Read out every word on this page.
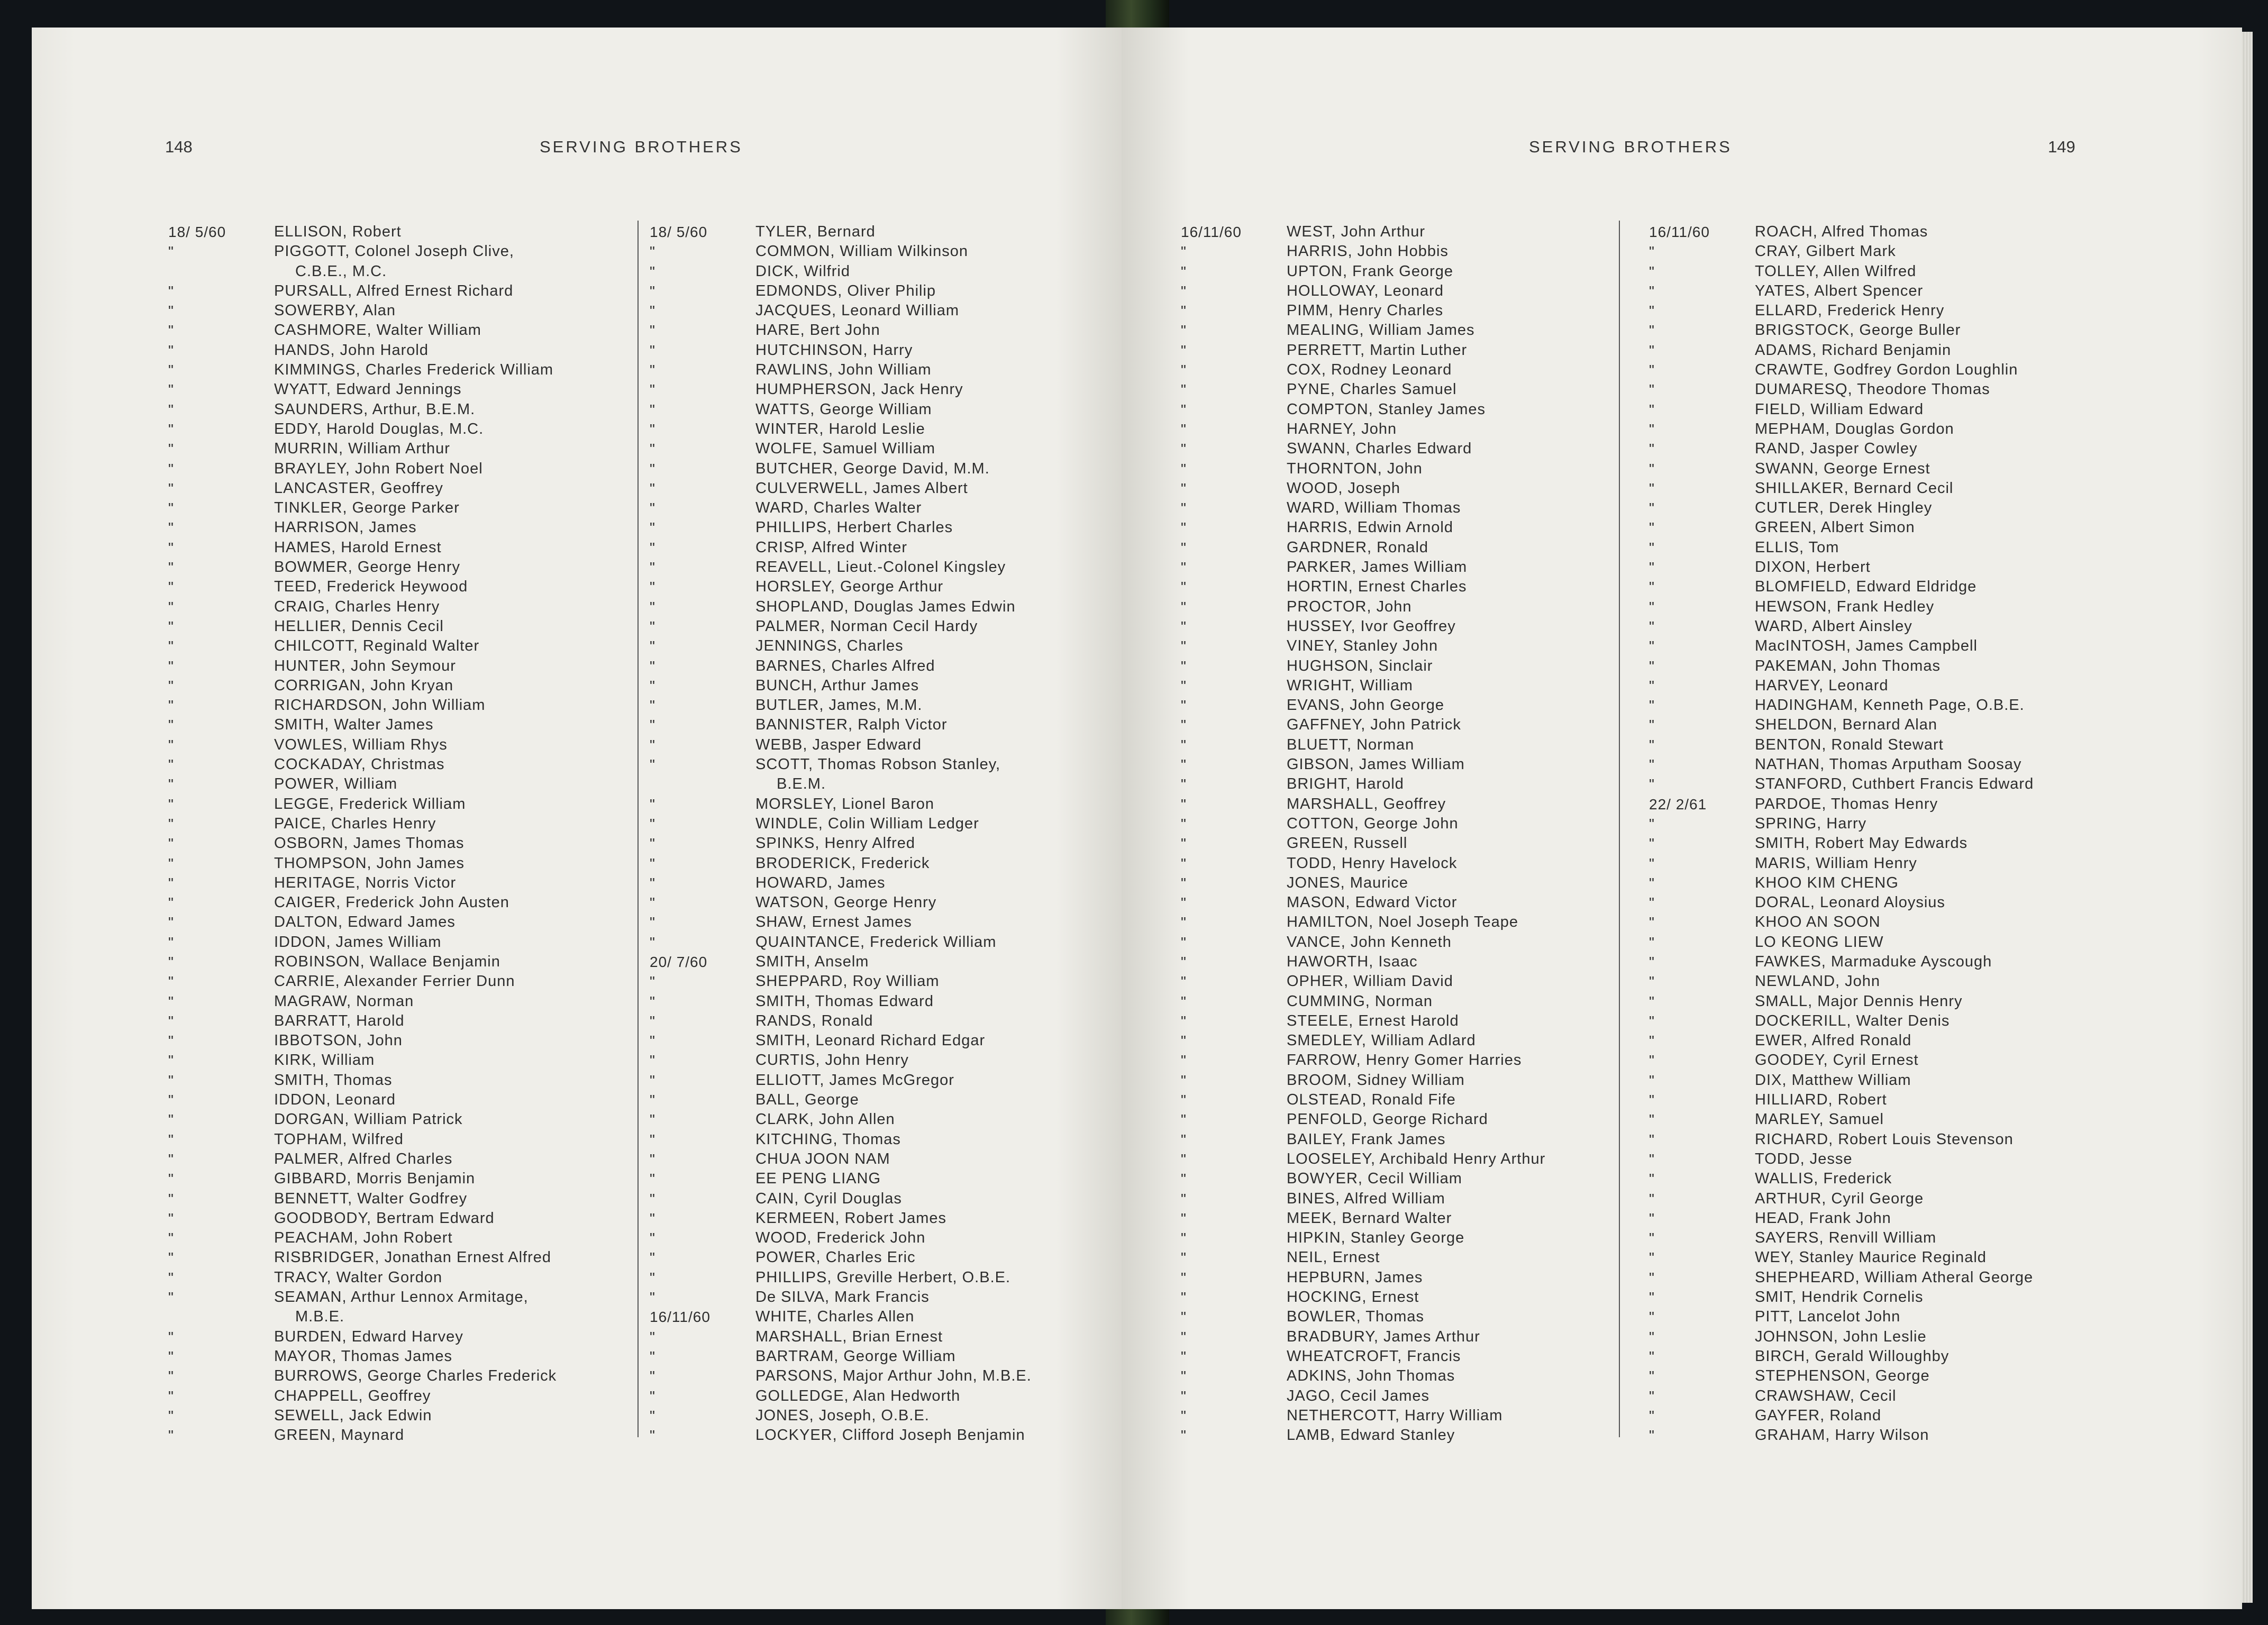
148	SERVING BROTHERS
18/ 5/60	ELLISON, Robert
"	PIGGOTT, Colonel Joseph Clive,
C.B.E., M.C.
"	PURSALL, Alfred Ernest Richard
"	SOWERBY, Alan
"	CASHMORE, Walter William
"	HANDS, John Harold
"	KIMMINGS, Charles Frederick William
"	WYATT, Edward Jennings
"	SAUNDERS, Arthur, B.E.M.
"	EDDY, Harold Douglas, M.C.
"	MURRIN, William Arthur
"	BRAYLEY, John Robert Noel
"	LANCASTER, Geoffrey
"	TINKLER, George Parker
"	HARRISON, James
"	HAMES, Harold Ernest
"	BOWMER, George Henry
"	TEED, Frederick Heywood
"	CRAIG, Charles Henry
"	HELLIER, Dennis Cecil
"	CHILCOTT, Reginald Walter
"	HUNTER, John Seymour
"	CORRIGAN, John Kryan
"	RICHARDSON, John William
"	SMITH, Walter James
"	VOWLES, William Rhys
"	COCKADAY, Christmas
"	POWER, William
"	LEGGE, Frederick William
"	PAICE, Charles Henry
"	OSBORN, James Thomas
"	THOMPSON, John James
"	HERITAGE, Norris Victor
"	CAIGER, Frederick John Austen
"	DALTON, Edward James
"	IDDON, James William
"	ROBINSON, Wallace Benjamin
"	CARRIE, Alexander Ferrier Dunn
"	MAGRAW, Norman
"	BARRATT, Harold
"	IBBOTSON, John
"	KIRK, William
"	SMITH, Thomas
"	IDDON, Leonard
"	DORGAN, William Patrick
"	TOPHAM, Wilfred
"	PALMER, Alfred Charles
"	GIBBARD, Morris Benjamin
"	BENNETT, Walter Godfrey
"	GOODBODY, Bertram Edward
"	PEACHAM, John Robert
"	RISBRIDGER, Jonathan Ernest Alfred
"	TRACY, Walter Gordon
"	SEAMAN, Arthur Lennox Armitage,
M.B.E.
"	BURDEN, Edward Harvey
"	MAYOR, Thomas James
"	BURROWS, George Charles Frederick
"	CHAPPELL, Geoffrey
"	SEWELL, Jack Edwin
"	GREEN, Maynard
18/ 5/60	TYLER, Bernard
"	COMMON, William Wilkinson
"	DICK, Wilfrid
"	EDMONDS, Oliver Philip
"	JACQUES, Leonard William
"	HARE, Bert John
"	HUTCHINSON, Harry
"	RAWLINS, John William
"	HUMPHERSON, Jack Henry
"	WATTS, George William
"	WINTER, Harold Leslie
"	WOLFE, Samuel William
"	BUTCHER, George David, M.M.
"	CULVERWELL, James Albert
"	WARD, Charles Walter
"	PHILLIPS, Herbert Charles
"	CRISP, Alfred Winter
"	REAVELL, Lieut.-Colonel Kingsley
"	HORSLEY, George Arthur
"	SHOPLAND, Douglas James Edwin
"	PALMER, Norman Cecil Hardy
"	JENNINGS, Charles
"	BARNES, Charles Alfred
"	BUNCH, Arthur James
"	BUTLER, James, M.M.
"	BANNISTER, Ralph Victor
"	WEBB, Jasper Edward
"	SCOTT, Thomas Robson Stanley,
B.E.M.
"	MORSLEY, Lionel Baron
"	WINDLE, Colin William Ledger
"	SPINKS, Henry Alfred
"	BRODERICK, Frederick
"	HOWARD, James
"	WATSON, George Henry
"	SHAW, Ernest James
"	QUAINTANCE, Frederick William
20/ 7/60	SMITH, Anselm
"	SHEPPARD, Roy William
"	SMITH, Thomas Edward
"	RANDS, Ronald
"	SMITH, Leonard Richard Edgar
"	CURTIS, John Henry
"	ELLIOTT, James McGregor
"	BALL, George
"	CLARK, John Allen
"	KITCHING, Thomas
"	CHUA JOON NAM
"	EE PENG LIANG
"	CAIN, Cyril Douglas
"	KERMEEN, Robert James
"	WOOD, Frederick John
"	POWER, Charles Eric
"	PHILLIPS, Greville Herbert, O.B.E.
"	De SILVA, Mark Francis
16/11/60	WHITE, Charles Allen
"	MARSHALL, Brian Ernest
"	BARTRAM, George William
"	PARSONS, Major Arthur John, M.B.E.
"	GOLLEDGE, Alan Hedworth
"	JONES, Joseph, O.B.E.
"	LOCKYER, Clifford Joseph Benjamin
SERVING BROTHERS	149
16/11/60	WEST, John Arthur
"	HARRIS, John Hobbis
"	UPTON, Frank George
"	HOLLOWAY, Leonard
"	PIMM, Henry Charles
"	MEALING, William James
"	PERRETT, Martin Luther
"	COX, Rodney Leonard
"	PYNE, Charles Samuel
"	COMPTON, Stanley James
"	HARNEY, John
"	SWANN, Charles Edward
"	THORNTON, John
"	WOOD, Joseph
"	WARD, William Thomas
"	HARRIS, Edwin Arnold
"	GARDNER, Ronald
"	PARKER, James William
"	HORTIN, Ernest Charles
"	PROCTOR, John
"	HUSSEY, Ivor Geoffrey
"	VINEY, Stanley John
"	HUGHSON, Sinclair
"	WRIGHT, William
"	EVANS, John George
"	GAFFNEY, John Patrick
"	BLUETT, Norman
"	GIBSON, James William
"	BRIGHT, Harold
"	MARSHALL, Geoffrey
"	COTTON, George John
"	GREEN, Russell
"	TODD, Henry Havelock
"	JONES, Maurice
"	MASON, Edward Victor
"	HAMILTON, Noel Joseph Teape
"	VANCE, John Kenneth
"	HAWORTH, Isaac
"	OPHER, William David
"	CUMMING, Norman
"	STEELE, Ernest Harold
"	SMEDLEY, William Adlard
"	FARROW, Henry Gomer Harries
"	BROOM, Sidney William
"	OLSTEAD, Ronald Fife
"	PENFOLD, George Richard
"	BAILEY, Frank James
"	LOOSELEY, Archibald Henry Arthur
"	BOWYER, Cecil William
"	BINES, Alfred William
"	MEEK, Bernard Walter
"	HIPKIN, Stanley George
"	NEIL, Ernest
"	HEPBURN, James
"	HOCKING, Ernest
"	BOWLER, Thomas
"	BRADBURY, James Arthur
"	WHEATCROFT, Francis
"	ADKINS, John Thomas
"	JAGO, Cecil James
"	NETHERCOTT, Harry William
"	LAMB, Edward Stanley
16/11/60	ROACH, Alfred Thomas
"	CRAY, Gilbert Mark
"	TOLLEY, Allen Wilfred
"	YATES, Albert Spencer
"	ELLARD, Frederick Henry
"	BRIGSTOCK, George Buller
"	ADAMS, Richard Benjamin
"	CRAWTE, Godfrey Gordon Loughlin
"	DUMARESQ, Theodore Thomas
"	FIELD, William Edward
"	MEPHAM, Douglas Gordon
"	RAND, Jasper Cowley
"	SWANN, George Ernest
"	SHILLAKER, Bernard Cecil
"	CUTLER, Derek Hingley
"	GREEN, Albert Simon
"	ELLIS, Tom
"	DIXON, Herbert
"	BLOMFIELD, Edward Eldridge
"	HEWSON, Frank Hedley
"	WARD, Albert Ainsley
"	MacINTOSH, James Campbell
"	PAKEMAN, John Thomas
"	HARVEY, Leonard
"	HADINGHAM, Kenneth Page, O.B.E.
"	SHELDON, Bernard Alan
"	BENTON, Ronald Stewart
"	NATHAN, Thomas Arputham Soosay
"	STANFORD, Cuthbert Francis Edward
22/ 2/61	PARDOE, Thomas Henry
"	SPRING, Harry
"	SMITH, Robert May Edwards
"	MARIS, William Henry
"	KHOO KIM CHENG
"	DORAL, Leonard Aloysius
"	KHOO AN SOON
"	LO KEONG LIEW
"	FAWKES, Marmaduke Ayscough
"	NEWLAND, John
"	SMALL, Major Dennis Henry
"	DOCKERILL, Walter Denis
"	EWER, Alfred Ronald
"	GOODEY, Cyril Ernest
"	DIX, Matthew William
"	HILLIARD, Robert
"	MARLEY, Samuel
"	RICHARD, Robert Louis Stevenson
"	TODD, Jesse
"	WALLIS, Frederick
"	ARTHUR, Cyril George
"	HEAD, Frank John
"	SAYERS, Renvill William
"	WEY, Stanley Maurice Reginald
"	SHEPHEARD, William Atheral George
"	SMIT, Hendrik Cornelis
"	PITT, Lancelot John
"	JOHNSON, John Leslie
"	BIRCH, Gerald Willoughby
"	STEPHENSON, George
"	CRAWSHAW, Cecil
"	GAYFER, Roland
"	GRAHAM, Harry Wilson
